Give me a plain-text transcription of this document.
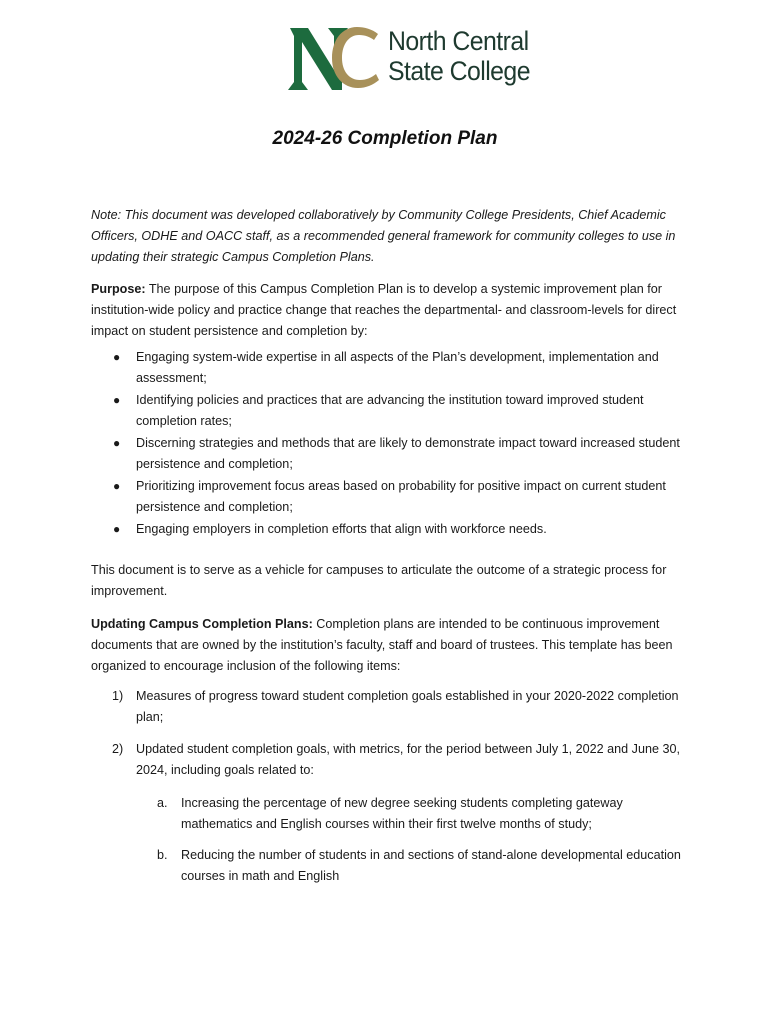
North Central
State College
2024-26 Completion Plan
Note: This document was developed collaboratively by Community College Presidents, Chief Academic Officers, ODHE and OACC staff, as a recommended general framework for community colleges to use in updating their strategic Campus Completion Plans.
Purpose: The purpose of this Campus Completion Plan is to develop a systemic improvement plan for institution-wide policy and practice change that reaches the departmental- and classroom-levels for direct impact on student persistence and completion by:
● Engaging system-wide expertise in all aspects of the Plan’s development, implementation and assessment;
● Identifying policies and practices that are advancing the institution toward improved student completion rates;
● Discerning strategies and methods that are likely to demonstrate impact toward increased student persistence and completion;
● Prioritizing improvement focus areas based on probability for positive impact on current student persistence and completion;
● Engaging employers in completion efforts that align with workforce needs.
This document is to serve as a vehicle for campuses to articulate the outcome of a strategic process for improvement.
Updating Campus Completion Plans: Completion plans are intended to be continuous improvement documents that are owned by the institution’s faculty, staff and board of trustees. This template has been organized to encourage inclusion of the following items:
1)	Measures of progress toward student completion goals established in your 2020-2022 completion plan;
2)	Updated student completion goals, with metrics, for the period between July 1, 2022 and June 30, 2024, including goals related to:
a.	Increasing the percentage of new degree seeking students completing gateway mathematics and English courses within their first twelve months of study;
b.	Reducing the number of students in and sections of stand-alone developmental education courses in math and English
